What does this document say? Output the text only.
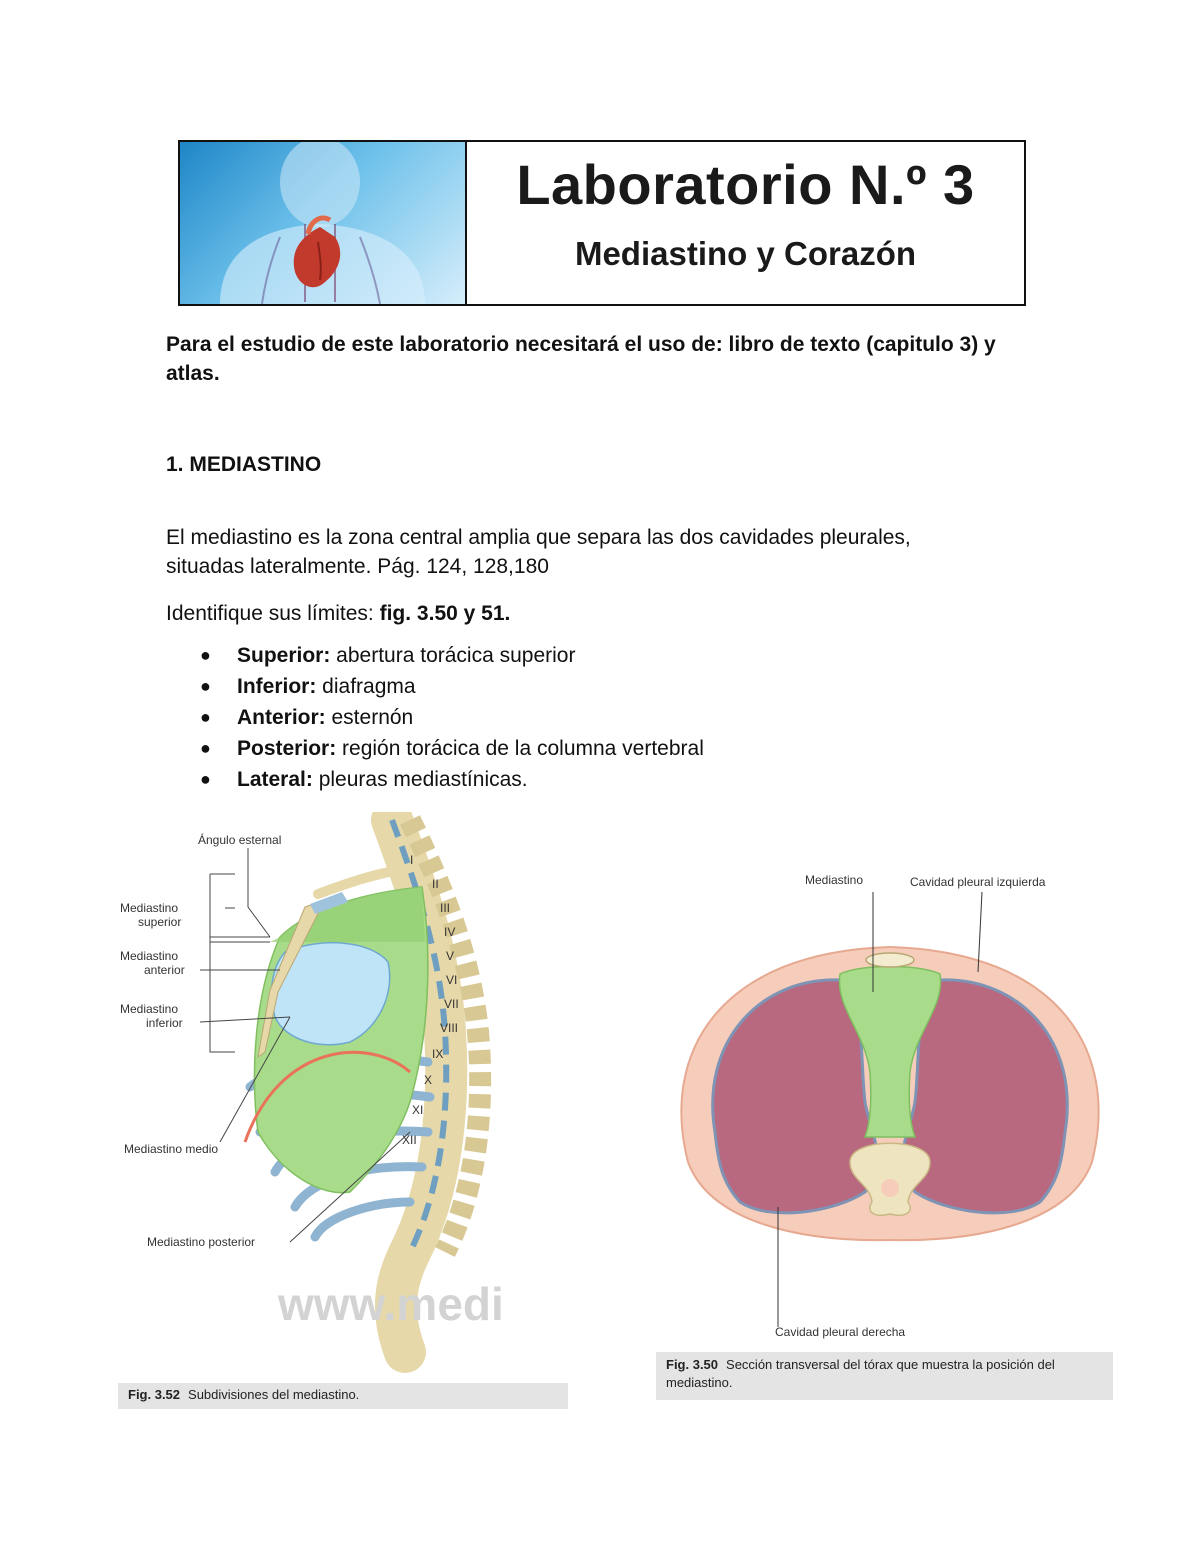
Laboratorio N.º 3
Mediastino y Corazón
Para el estudio de este laboratorio necesitará el uso de: libro de texto (capitulo 3) y atlas.
1. MEDIASTINO
El mediastino es la zona central amplia que separa las dos cavidades pleurales,
situadas lateralmente. Pág. 124, 128,180
Identifique sus límites: fig. 3.50 y 51.
● Superior: abertura torácica superior
● Inferior: diafragma
● Anterior: esternón
● Posterior: región torácica de la columna vertebral
● Lateral: pleuras mediastínicas.
I
II
III
IV
V
VI
VII
VIII
IX
X
XI
XII
Ángulo esternal
Mediastino
superior
Mediastino
anterior
Mediastino
inferior
Mediastino medio
Mediastino posterior
www.medi
Fig. 3.52 Subdivisiones del mediastino.
Mediastino	Cavidad pleural izquierda
Cavidad pleural derecha
Fig. 3.50 Sección transversal del tórax que muestra la posición del
mediastino.
